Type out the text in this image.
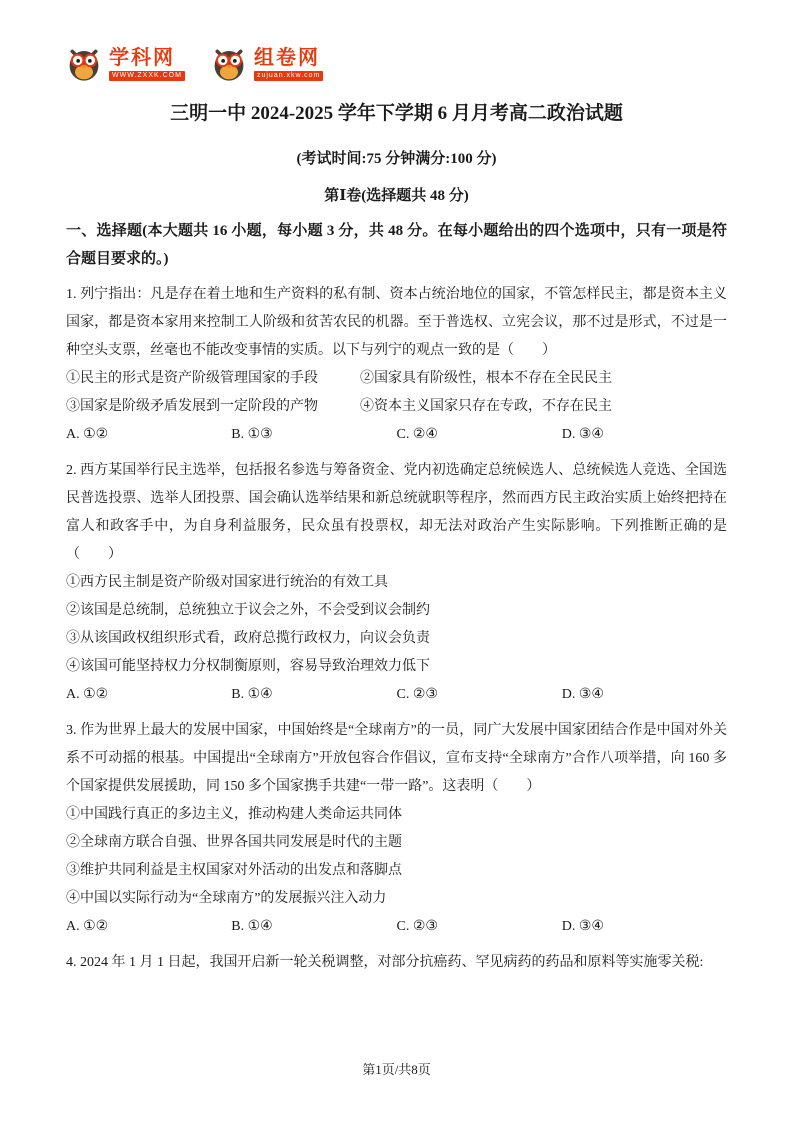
学科网
WWW.ZXXK.COM
组卷网
zujuan.xkw.com
三明一中 2024-2025 学年下学期 6 月月考高二政治试题
(考试时间:75 分钟满分:100 分)
第Ⅰ卷(选择题共 48 分)
一、选择题(本大题共 16 小题，每小题 3 分，共 48 分。在每小题给出的四个选项中，只有一项是符合题目要求的。)
1. 列宁指出：凡是存在着土地和生产资料的私有制、资本占统治地位的国家，不管怎样民主，都是资本主义国家，都是资本家用来控制工人阶级和贫苦农民的机器。至于普选权、立宪会议，那不过是形式，不过是一种空头支票，丝毫也不能改变事情的实质。以下与列宁的观点一致的是（　　）
①民主的形式是资产阶级管理国家的手段　　　②国家具有阶级性，根本不存在全民民主
③国家是阶级矛盾发展到一定阶段的产物　　　④资本主义国家只存在专政，不存在民主
A. ①②	B. ①③	C. ②④	D. ③④
2. 西方某国举行民主选举，包括报名参选与筹备资金、党内初选确定总统候选人、总统候选人竞选、全国选民普选投票、选举人团投票、国会确认选举结果和新总统就职等程序，然而西方民主政治实质上始终把持在富人和政客手中，为自身利益服务，民众虽有投票权，却无法对政治产生实际影响。下列推断正确的是（　　）
①西方民主制是资产阶级对国家进行统治的有效工具
②该国是总统制，总统独立于议会之外，不会受到议会制约
③从该国政权组织形式看，政府总揽行政权力，向议会负责
④该国可能坚持权力分权制衡原则，容易导致治理效力低下
A. ①②	B. ①④	C. ②③	D. ③④
3. 作为世界上最大的发展中国家，中国始终是“全球南方”的一员，同广大发展中国家团结合作是中国对外关系不可动摇的根基。中国提出“全球南方”开放包容合作倡议，宣布支持“全球南方”合作八项举措，向 160 多个国家提供发展援助，同 150 多个国家携手共建“一带一路”。这表明（　　）
①中国践行真正的多边主义，推动构建人类命运共同体
②全球南方联合自强、世界各国共同发展是时代的主题
③维护共同利益是主权国家对外活动的出发点和落脚点
④中国以实际行动为“全球南方”的发展振兴注入动力
A. ①②	B. ①④	C. ②③	D. ③④
4. 2024 年 1 月 1 日起，我国开启新一轮关税调整，对部分抗癌药、罕见病药的药品和原料等实施零关税:
第1页/共8页
